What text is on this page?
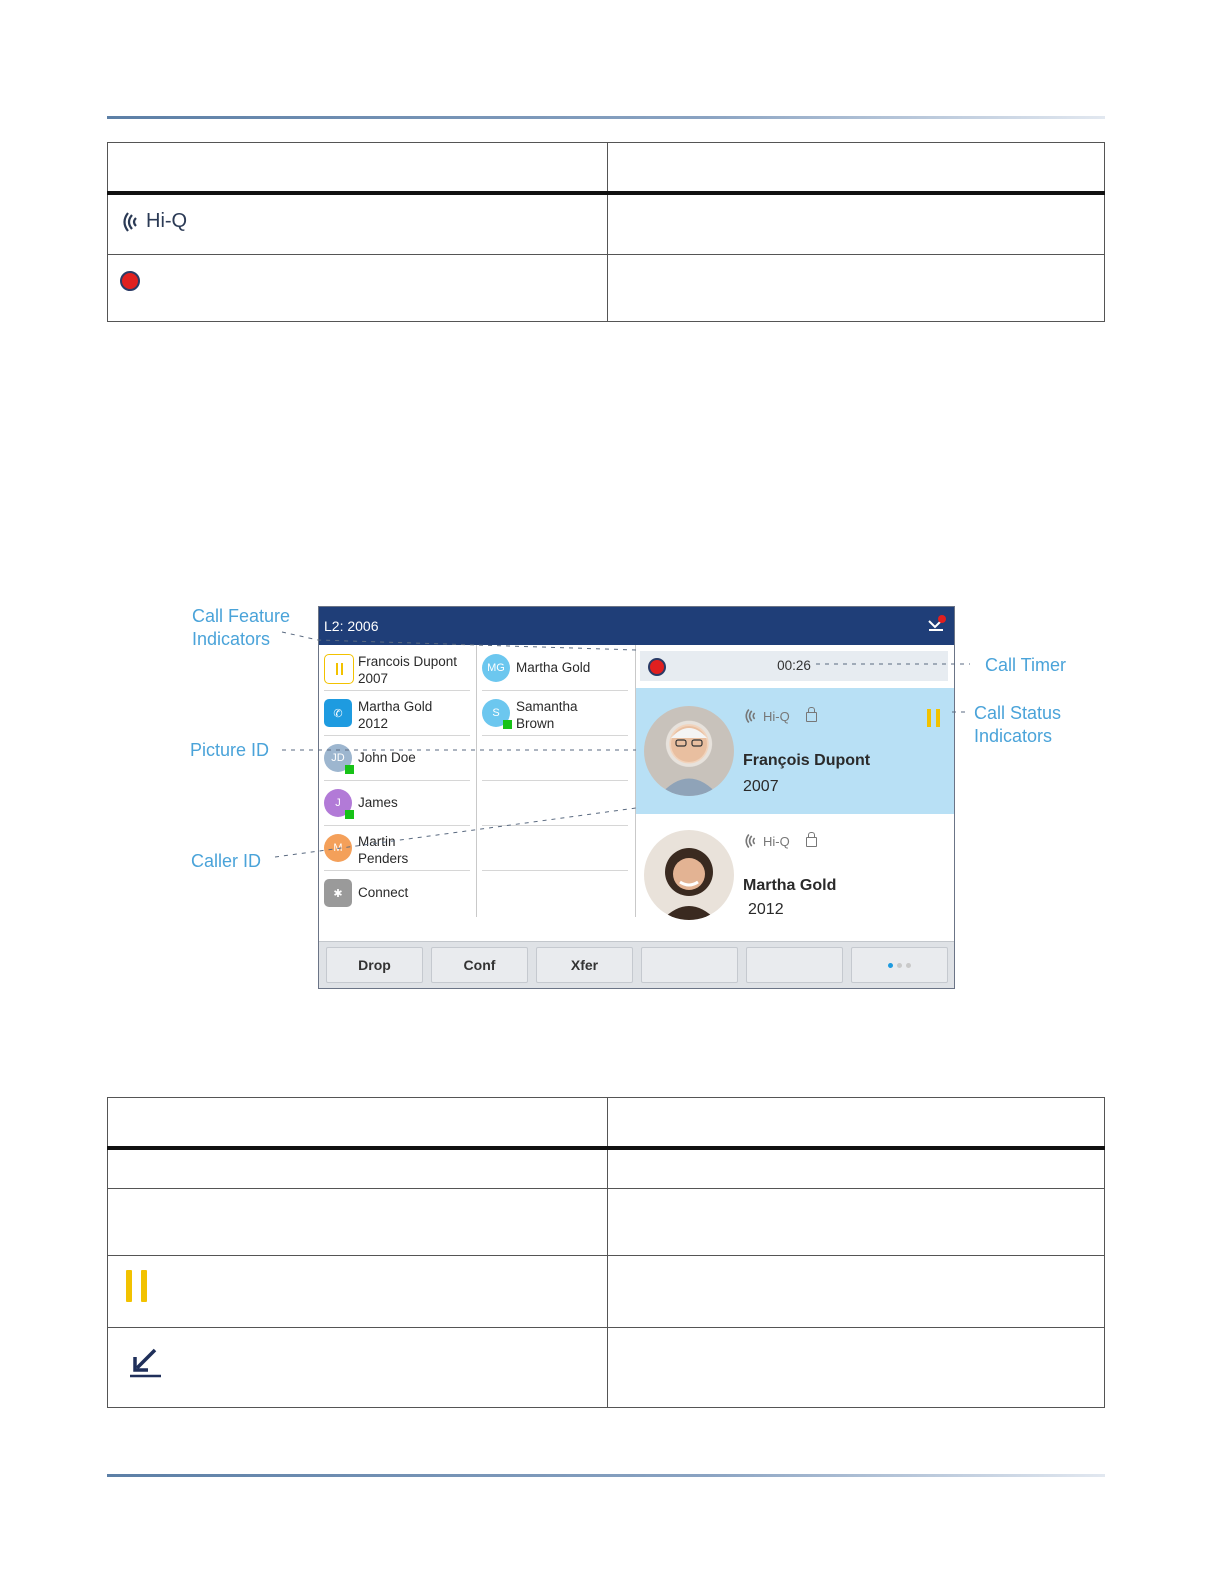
Hi-Q	

L2: 2006
Francois Dupont
2007
✆	Martha Gold
2012
JD John Doe
J James
M Martin
Penders
✱	Connect
MG Martha Gold
S Samantha
Brown
00:26
Hi-Q
François Dupont
2007
Hi-Q
Martha Gold
2012
Drop	Conf	Xfer
Call Feature Indicators
Picture ID
Caller ID
Call Timer
Call Status Indicators
